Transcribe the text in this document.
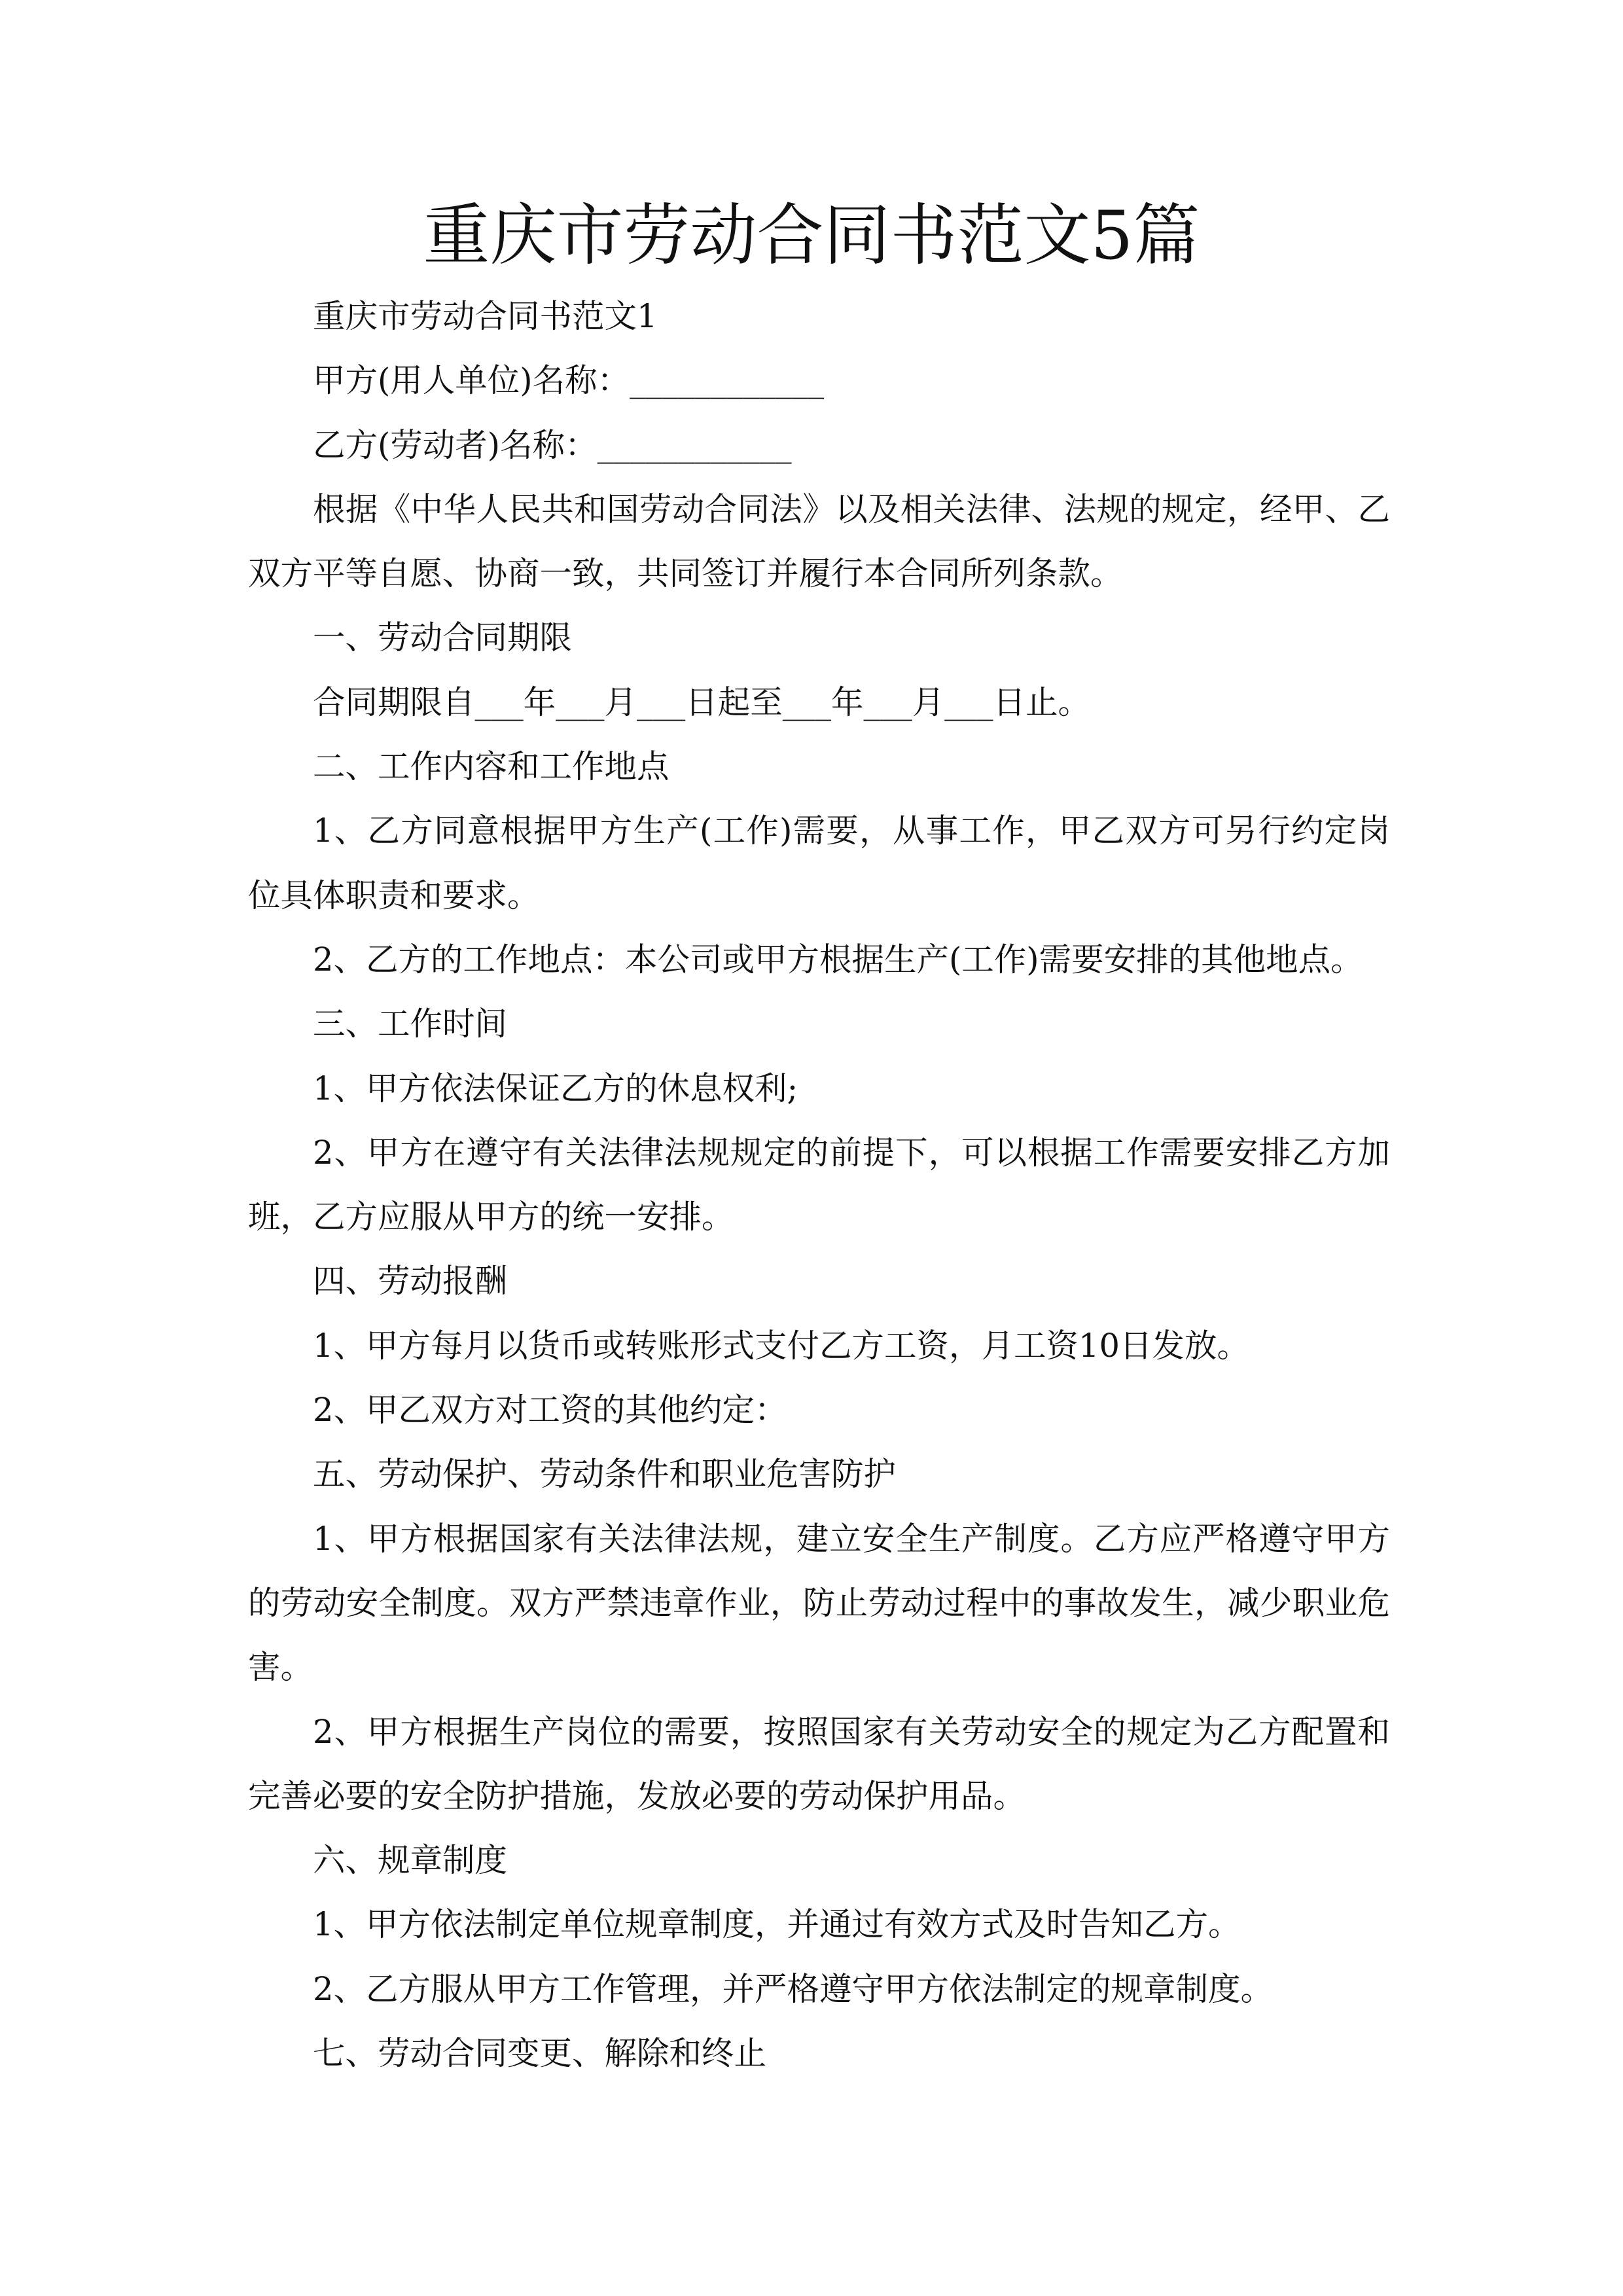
重庆市劳动合同书范文5篇

重庆市劳动合同书范文1

甲方(用人单位)名称：____________

乙方(劳动者)名称：____________

根据《中华人民共和国劳动合同法》以及相关法律、法规的规定，经甲、乙双方平等自愿、协商一致，共同签订并履行本合同所列条款。

一、劳动合同期限

合同期限自___年___月___日起至___年___月___日止。

二、工作内容和工作地点

1、乙方同意根据甲方生产(工作)需要，从事工作，甲乙双方可另行约定岗位具体职责和要求。

2、乙方的工作地点：本公司或甲方根据生产(工作)需要安排的其他地点。

三、工作时间

1、甲方依法保证乙方的休息权利;

2、甲方在遵守有关法律法规规定的前提下，可以根据工作需要安排乙方加班，乙方应服从甲方的统一安排。

四、劳动报酬

1、甲方每月以货币或转账形式支付乙方工资，月工资10日发放。

2、甲乙双方对工资的其他约定：

五、劳动保护、劳动条件和职业危害防护

1、甲方根据国家有关法律法规，建立安全生产制度。乙方应严格遵守甲方的劳动安全制度。双方严禁违章作业，防止劳动过程中的事故发生，减少职业危害。

2、甲方根据生产岗位的需要，按照国家有关劳动安全的规定为乙方配置和完善必要的安全防护措施，发放必要的劳动保护用品。

六、规章制度

1、甲方依法制定单位规章制度，并通过有效方式及时告知乙方。

2、乙方服从甲方工作管理，并严格遵守甲方依法制定的规章制度。

七、劳动合同变更、解除和终止
